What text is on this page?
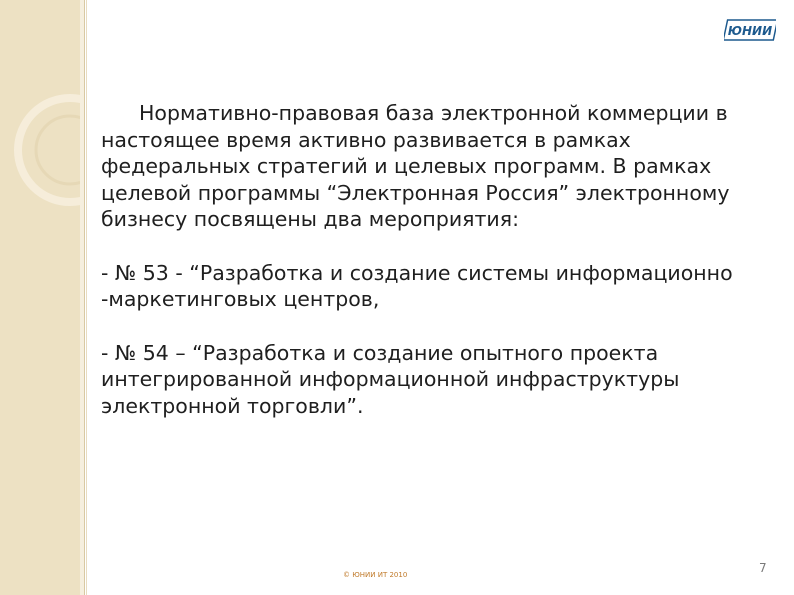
ЮНИИ

Нормативно-правовая база электронной коммерции в настоящее время активно развивается в рамках федеральных стратегий и целевых программ. В рамках целевой программы “Электронная Россия” электронному бизнесу посвящены два мероприятия:

- № 53 - “Разработка и создание системы информационно -маркетинговых центров,

- № 54 – “Разработка и создание опытного проекта интегрированной информационной инфраструктуры электронной торговли”.

© ЮНИИ ИТ 2010	7
